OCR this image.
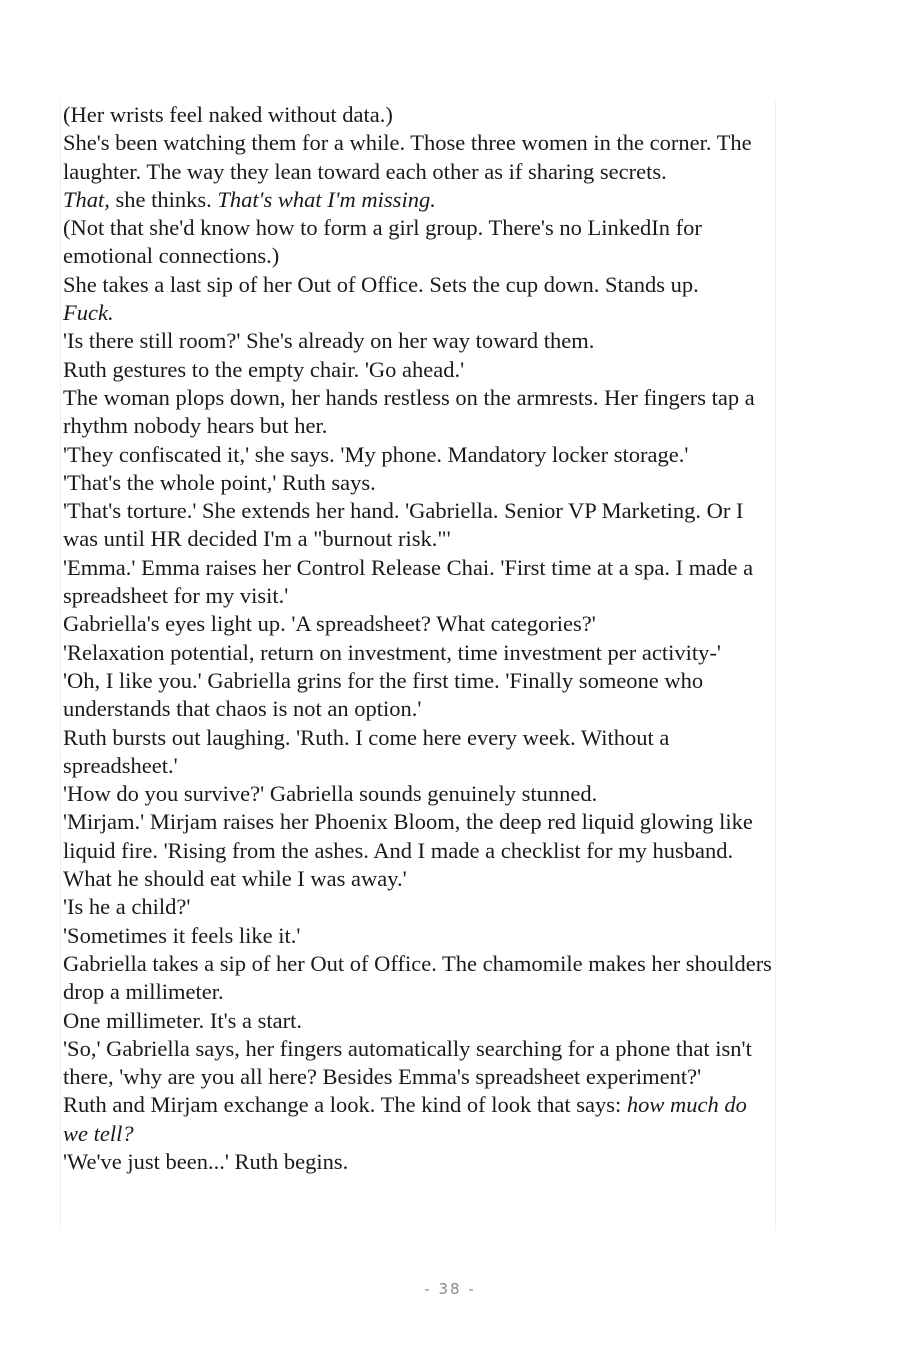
(Her wrists feel naked without data.)

She's been watching them for a while. Those three women in the corner. The laughter. The way they lean toward each other as if sharing secrets.

That, she thinks. That's what I'm missing.

(Not that she'd know how to form a girl group. There's no LinkedIn for emotional connections.)

She takes a last sip of her Out of Office. Sets the cup down. Stands up.

Fuck.

'Is there still room?' She's already on her way toward them.

Ruth gestures to the empty chair. 'Go ahead.'

The woman plops down, her hands restless on the armrests. Her fingers tap a rhythm nobody hears but her.

'They confiscated it,' she says. 'My phone. Mandatory locker storage.'

'That's the whole point,' Ruth says.

'That's torture.' She extends her hand. 'Gabriella. Senior VP Marketing. Or I was until HR decided I'm a "burnout risk."'

'Emma.' Emma raises her Control Release Chai. 'First time at a spa. I made a spreadsheet for my visit.'

Gabriella's eyes light up. 'A spreadsheet? What categories?'

'Relaxation potential, return on investment, time investment per activity-'

'Oh, I like you.' Gabriella grins for the first time. 'Finally someone who understands that chaos is not an option.'

Ruth bursts out laughing. 'Ruth. I come here every week. Without a spreadsheet.'

'How do you survive?' Gabriella sounds genuinely stunned.

'Mirjam.' Mirjam raises her Phoenix Bloom, the deep red liquid glowing like liquid fire. 'Rising from the ashes. And I made a checklist for my husband. What he should eat while I was away.'

'Is he a child?'

'Sometimes it feels like it.'

Gabriella takes a sip of her Out of Office. The chamomile makes her shoulders drop a millimeter.

One millimeter. It's a start.

'So,' Gabriella says, her fingers automatically searching for a phone that isn't there, 'why are you all here? Besides Emma's spreadsheet experiment?'

Ruth and Mirjam exchange a look. The kind of look that says: how much do we tell?

'We've just been...' Ruth begins.

- 38 -
